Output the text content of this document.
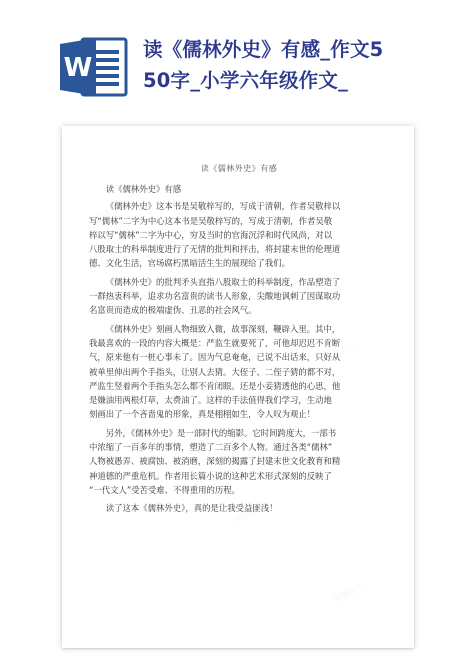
W
读《儒林外史》有感_作文5
50字_小学六年级作文_
读《儒林外史》有感
读《儒林外史》有感
《儒林外史》这本书是吴敬梓写的，写成于清朝，作者吴敬梓以
写“儒林”二字为中心这本书是吴敬梓写的，写成于清朝，作者吴敬
梓以写“儒林”二字为中心，穷及当时的官海沉浮和时代风尚，对以
八股取士的科举制度进行了无情的批判和抨击，将封建末世的伦理道
德、文化生活，官场腐朽黑暗活生生的展现给了我们。
《儒林外史》的批判矛头直指八股取士的科举制度，作品塑造了
一群热衷科举，追求功名富贵的读书人形象，尖酸地讽刺了因谋取功
名富贵而造成的极端虚伪、丑恶的社会风气。
《儒林外史》刻画人物细致入微，故事深刻，鞭辟入里。其中，
我最喜欢的一段的内容大概是：严监生就要死了，可他却迟迟不肯断
气，原来他有一桩心事未了。因为气息奄奄，已说不出话来，只好从
被单里伸出两个手指头，让别人去猜。大侄子、二侄子猜的都不对，
严监生竖着两个手指头怎么都不肯闭眼。还是小妾猜透他的心思，他
是嫌油用两根灯草，太费油了。这样的手法值得我们学习，生动地
刻画出了一个吝啬鬼的形象，真是栩栩如生，令人叹为观止！
另外，《儒林外史》是一部时代的缩影。它时间跨度大，一部书
中浓缩了一百多年的事情，塑造了二百多个人物。通过各类“儒林”
人物被愚弄、被腐蚀、被消磨，深刻的揭露了封建末世文化教育和精
神道德的严重危机。作者用长篇小说的这种艺术形式深刻的反映了
“一代文人”受苦受难、不得重用的历程。
读了这本《儒林外史》，真的是让我受益匪浅！
